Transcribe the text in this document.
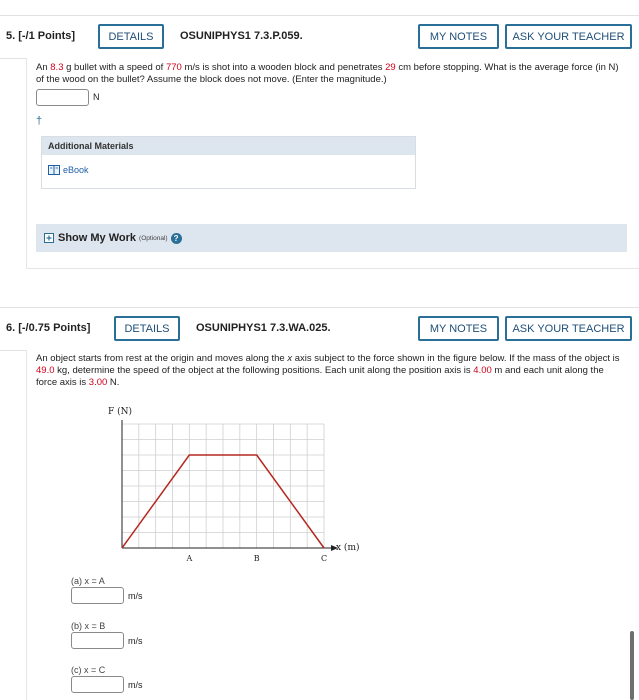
5. [-/1 Points]	DETAILS	OSUNIPHYS1 7.3.P.059.	MY NOTES	ASK YOUR TEACHER
An 8.3 g bullet with a speed of 770 m/s is shot into a wooden block and penetrates 29 cm before stopping. What is the average force (in N) of the wood on the bullet? Assume the block does not move. (Enter the magnitude.)
N
†
Additional Materials
eBook
Show My Work (Optional) ?
6. [-/0.75 Points]	DETAILS	OSUNIPHYS1 7.3.WA.025.	MY NOTES	ASK YOUR TEACHER
An object starts from rest at the origin and moves along the x axis subject to the force shown in the figure below. If the mass of the object is 49.0 kg, determine the speed of the object at the following positions. Each unit along the position axis is 4.00 m and each unit along the force axis is 3.00 N.
A	B	C
F (N)
x (m)
(a) x = A
m/s
(b) x = B
m/s
(c) x = C
m/s
